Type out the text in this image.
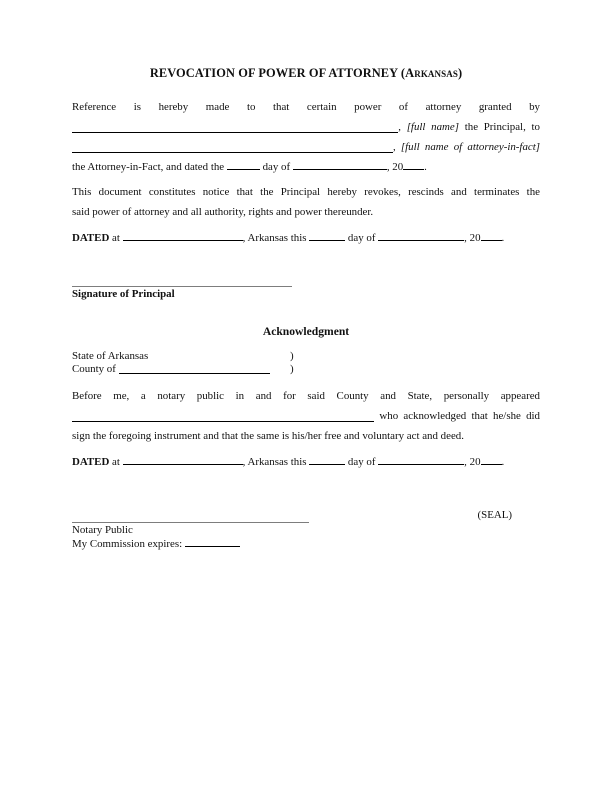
REVOCATION OF POWER OF ATTORNEY (Arkansas)
Reference is hereby made to that certain power of attorney granted by
, [full name] the Principal, to
, [full name of attorney-in-fact]
the Attorney-in-Fact, and dated the	day of	, 20 .
This document constitutes notice that the Principal hereby revokes, rescinds and terminates the
said power of attorney and all authority, rights and power thereunder.
DATED at	, Arkansas this	day of	, 20 .
Signature of Principal
Acknowledgment
State of Arkansas	)
County of	)
Before me, a notary public in and for said County and State, personally appeared
who acknowledged that he/she did
sign the foregoing instrument and that the same is his/her free and voluntary act and deed.
DATED at	, Arkansas this	day of	, 20 .
(SEAL)
Notary Public
My Commission expires:
